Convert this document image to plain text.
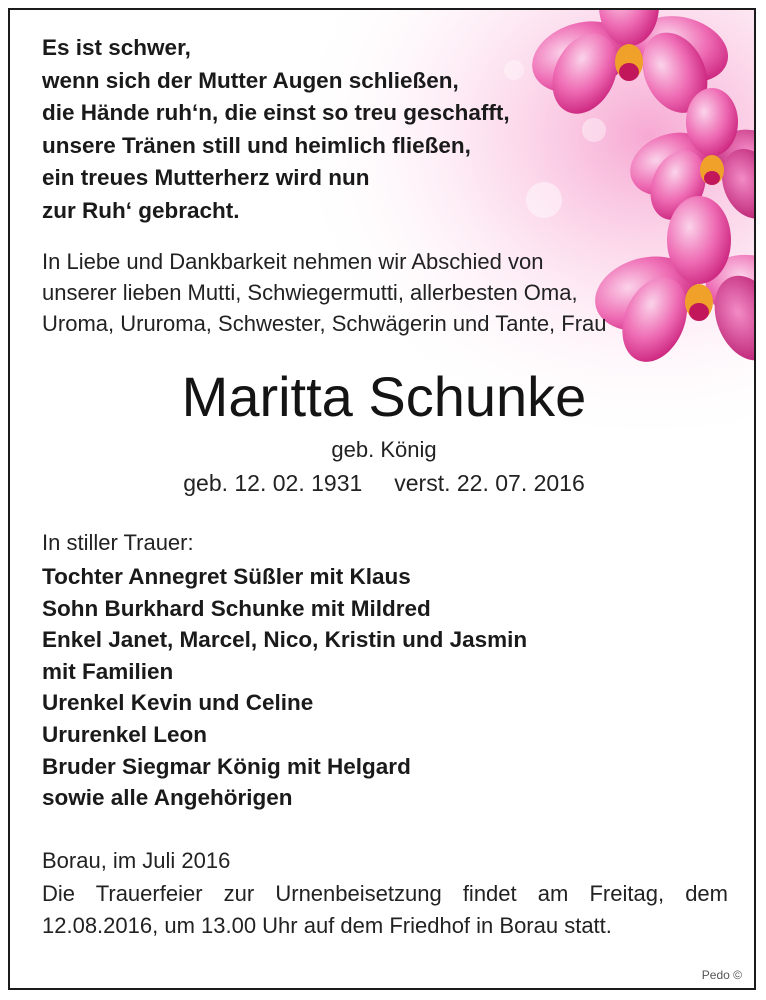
Es ist schwer,
wenn sich der Mutter Augen schließen,
die Hände ruh‘n, die einst so treu geschafft,
unsere Tränen still und heimlich fließen,
ein treues Mutterherz wird nun
zur Ruh‘ gebracht.
In Liebe und Dankbarkeit nehmen wir Abschied von
unserer lieben Mutti, Schwiegermutti, allerbesten Oma,
Uroma, Ururoma, Schwester, Schwägerin und Tante, Frau
Maritta Schunke
geb. König
geb. 12. 02. 1931 verst. 22. 07. 2016
In stiller Trauer:
Tochter Annegret Süßler mit Klaus
Sohn Burkhard Schunke mit Mildred
Enkel Janet, Marcel, Nico, Kristin und Jasmin
mit Familien
Urenkel Kevin und Celine
Ururenkel Leon
Bruder Siegmar König mit Helgard
sowie alle Angehörigen
Borau, im Juli 2016
Die Trauerfeier zur Urnenbeisetzung findet am Freitag, dem 12.08.2016, um 13.00 Uhr auf dem Friedhof in Borau statt.
Pedo ©
